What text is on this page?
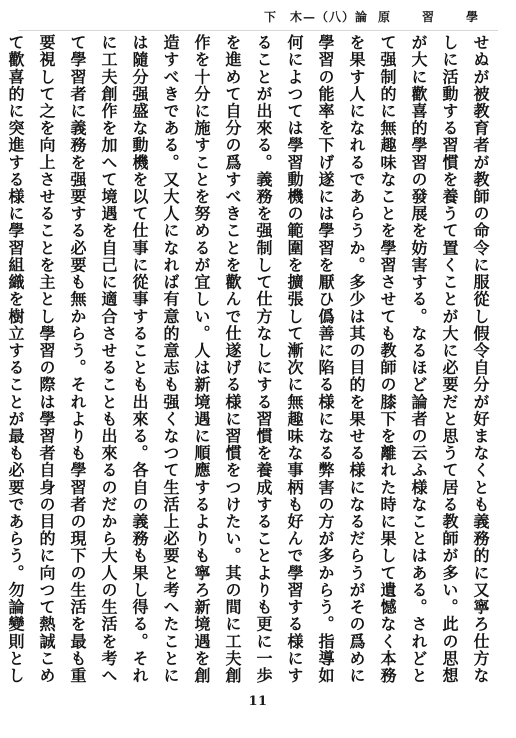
下　木—（八）論 原　習　學

せぬが被教育者が教師の命令に服從し假令自分が好まなくとも義務的に又寧ろ仕方なしに活動する習慣を養うて置くことが大に必要だと思うて居る教師が多い。此の思想が大に歡喜的學習の發展を妨害する。なるほど論者の云ふ様なことはある。されどとて强制的に無趣味なことを學習させても教師の膝下を離れた時に果して遺憾なく本務を果す人になれるであらうか。多少は其の目的を果せる様になるだらうがその爲めに學習の能率を下げ遂には學習を厭ひ僞善に陷る様になる弊害の方が多からう。指導如何によつては學習動機の範圍を擴張して漸次に無趣味な事柄も好んで學習する様にすることが出來る。義務を强制して仕方なしにする習慣を養成することよりも更に一歩を進めて自分の爲すべきことを歡んで仕遂げる様に習慣をつけたい。其の間に工夫創作を十分に施すことを努めるが宜しい。人は新境遇に順應するよりも寧ろ新境遇を創造すべきである。又大人になれば有意的意志も强くなつて生活上必要と考へたことには隨分强盛な動機を以て仕事に從事することも出來る。各自の義務も果し得る。それに工夫創作を加へて境遇を自己に適合させることも出來るのだから大人の生活を考へて學習者に義務を强要する必要も無からう。それよりも學習者の現下の生活を最も重要視して之を向上させることを主とし學習の際は學習者自身の目的に向つて熱誠こめて歡喜的に突進する様に學習組織を樹立することが最も必要であらう。勿論變則とし

11
